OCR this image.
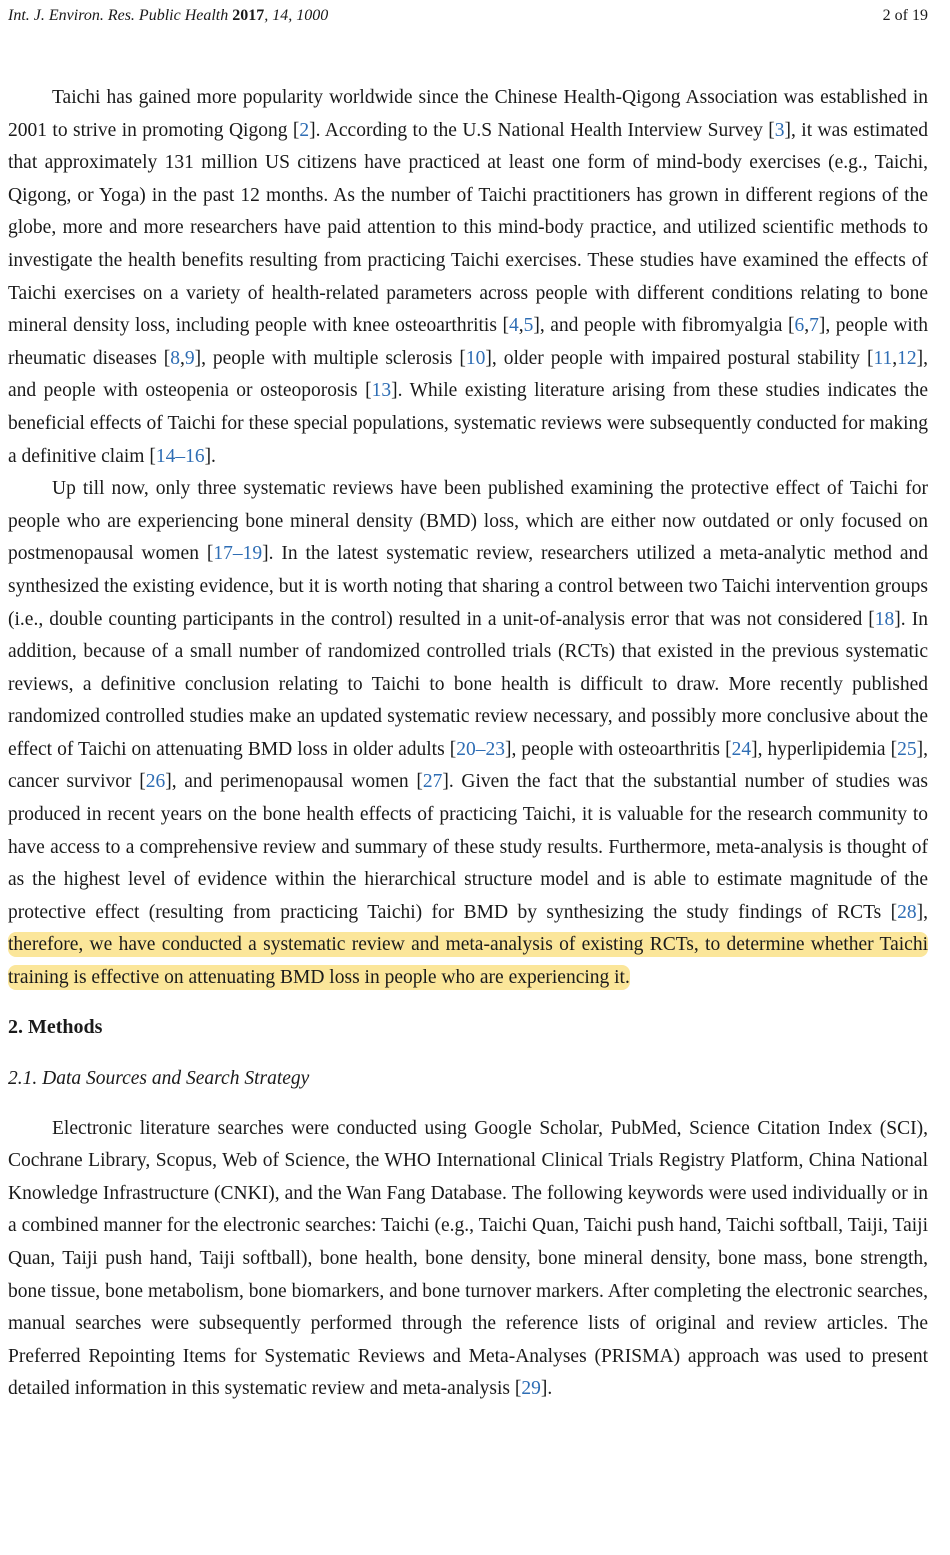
Int. J. Environ. Res. Public Health 2017, 14, 1000	2 of 19

Taichi has gained more popularity worldwide since the Chinese Health-Qigong Association was established in 2001 to strive in promoting Qigong [2]. According to the U.S National Health Interview Survey [3], it was estimated that approximately 131 million US citizens have practiced at least one form of mind-body exercises (e.g., Taichi, Qigong, or Yoga) in the past 12 months. As the number of Taichi practitioners has grown in different regions of the globe, more and more researchers have paid attention to this mind-body practice, and utilized scientific methods to investigate the health benefits resulting from practicing Taichi exercises. These studies have examined the effects of Taichi exercises on a variety of health-related parameters across people with different conditions relating to bone mineral density loss, including people with knee osteoarthritis [4,5], and people with fibromyalgia [6,7], people with rheumatic diseases [8,9], people with multiple sclerosis [10], older people with impaired postural stability [11,12], and people with osteopenia or osteoporosis [13]. While existing literature arising from these studies indicates the beneficial effects of Taichi for these special populations, systematic reviews were subsequently conducted for making a definitive claim [14–16].

Up till now, only three systematic reviews have been published examining the protective effect of Taichi for people who are experiencing bone mineral density (BMD) loss, which are either now outdated or only focused on postmenopausal women [17–19]. In the latest systematic review, researchers utilized a meta-analytic method and synthesized the existing evidence, but it is worth noting that sharing a control between two Taichi intervention groups (i.e., double counting participants in the control) resulted in a unit-of-analysis error that was not considered [18]. In addition, because of a small number of randomized controlled trials (RCTs) that existed in the previous systematic reviews, a definitive conclusion relating to Taichi to bone health is difficult to draw. More recently published randomized controlled studies make an updated systematic review necessary, and possibly more conclusive about the effect of Taichi on attenuating BMD loss in older adults [20–23], people with osteoarthritis [24], hyperlipidemia [25], cancer survivor [26], and perimenopausal women [27]. Given the fact that the substantial number of studies was produced in recent years on the bone health effects of practicing Taichi, it is valuable for the research community to have access to a comprehensive review and summary of these study results. Furthermore, meta-analysis is thought of as the highest level of evidence within the hierarchical structure model and is able to estimate magnitude of the protective effect (resulting from practicing Taichi) for BMD by synthesizing the study findings of RCTs [28], therefore, we have conducted a systematic review and meta-analysis of existing RCTs, to determine whether Taichi training is effective on attenuating BMD loss in people who are experiencing it.

2. Methods
2.1. Data Sources and Search Strategy

Electronic literature searches were conducted using Google Scholar, PubMed, Science Citation Index (SCI), Cochrane Library, Scopus, Web of Science, the WHO International Clinical Trials Registry Platform, China National Knowledge Infrastructure (CNKI), and the Wan Fang Database. The following keywords were used individually or in a combined manner for the electronic searches: Taichi (e.g., Taichi Quan, Taichi push hand, Taichi softball, Taiji, Taiji Quan, Taiji push hand, Taiji softball), bone health, bone density, bone mineral density, bone mass, bone strength, bone tissue, bone metabolism, bone biomarkers, and bone turnover markers. After completing the electronic searches, manual searches were subsequently performed through the reference lists of original and review articles. The Preferred Repointing Items for Systematic Reviews and Meta-Analyses (PRISMA) approach was used to present detailed information in this systematic review and meta-analysis [29].
